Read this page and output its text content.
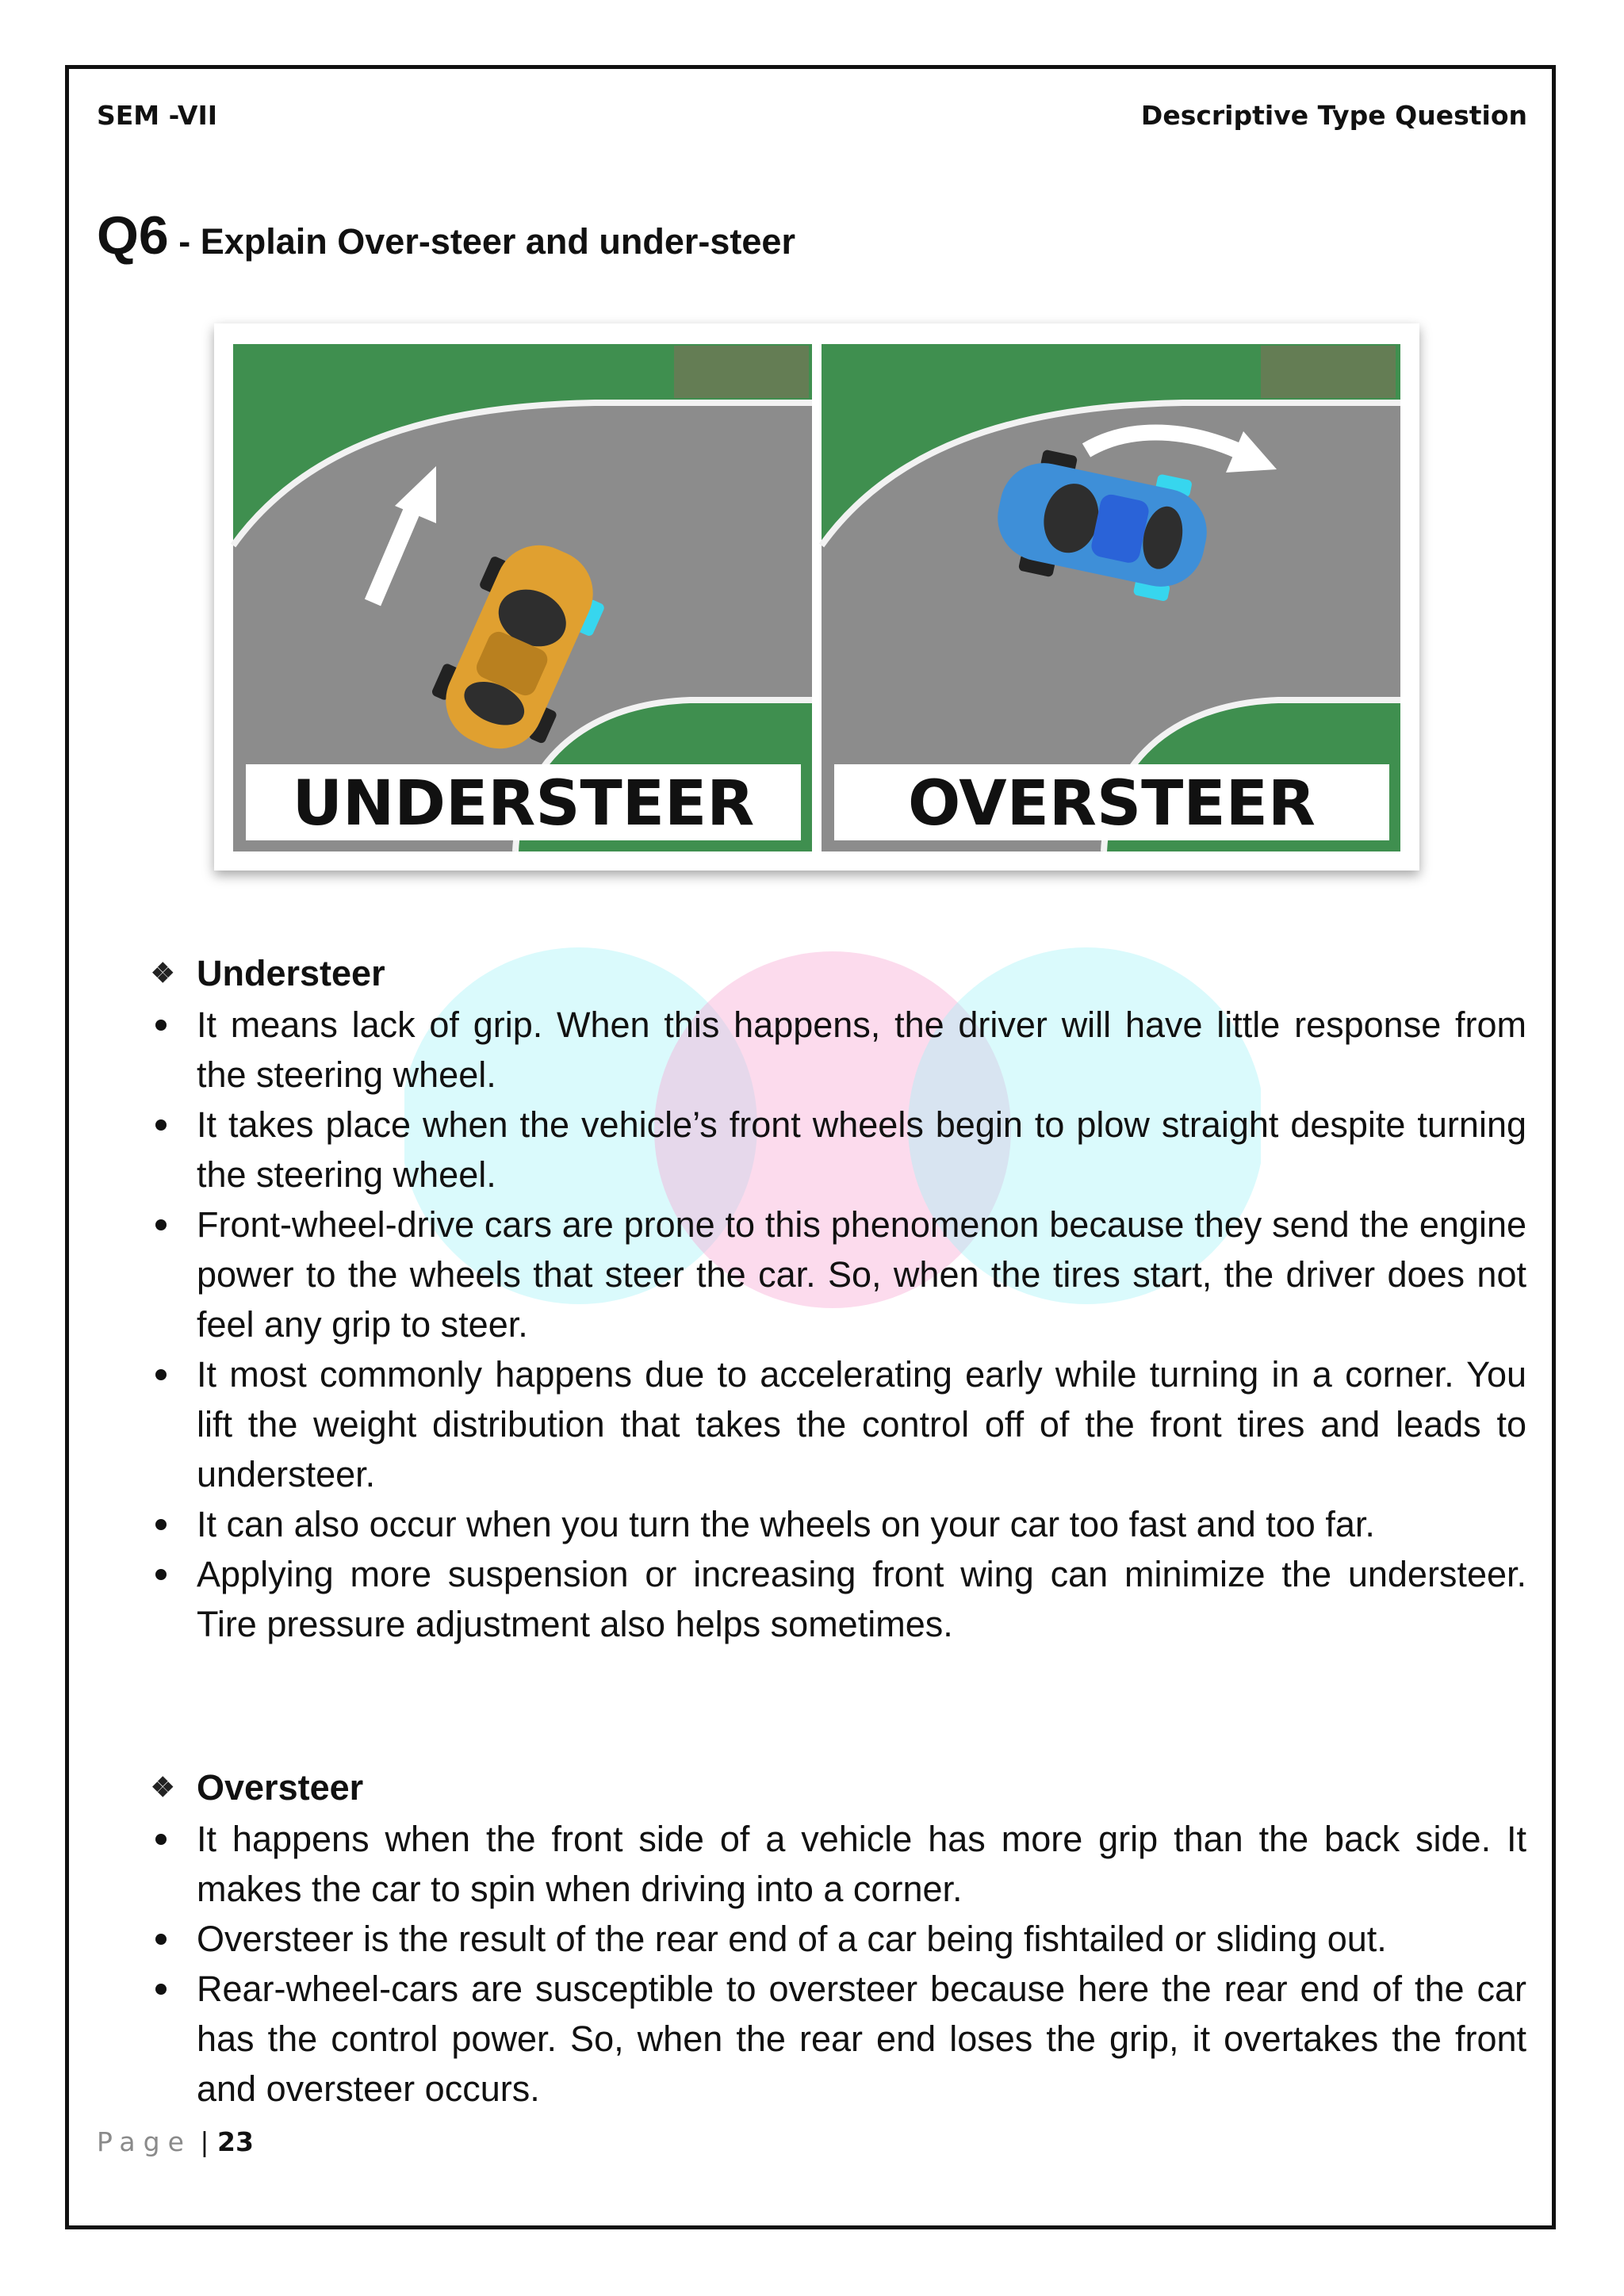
SEM -VII	Descriptive Type Question
Q6 - Explain Over-steer and under-steer
UNDERSTEER OVERSTEER
❖ Understeer
It means lack of grip. When this happens, the driver will have little response from the steering wheel.
It takes place when the vehicle’s front wheels begin to plow straight despite turning the steering wheel.
Front-wheel-drive cars are prone to this phenomenon because they send the engine power to the wheels that steer the car. So, when the tires start, the driver does not feel any grip to steer.
It most commonly happens due to accelerating early while turning in a corner. You lift the weight distribution that takes the control off of the front tires and leads to understeer.
It can also occur when you turn the wheels on your car too fast and too far.
Applying more suspension or increasing front wing can minimize the understeer. Tire pressure adjustment also helps sometimes.
❖ Oversteer
It happens when the front side of a vehicle has more grip than the back side. It makes the car to spin when driving into a corner.
Oversteer is the result of the rear end of a car being fishtailed or sliding out.
Rear-wheel-cars are susceptible to oversteer because here the rear end of the car has the control power. So, when the rear end loses the grip, it overtakes the front and oversteer occurs.
Page | 23
